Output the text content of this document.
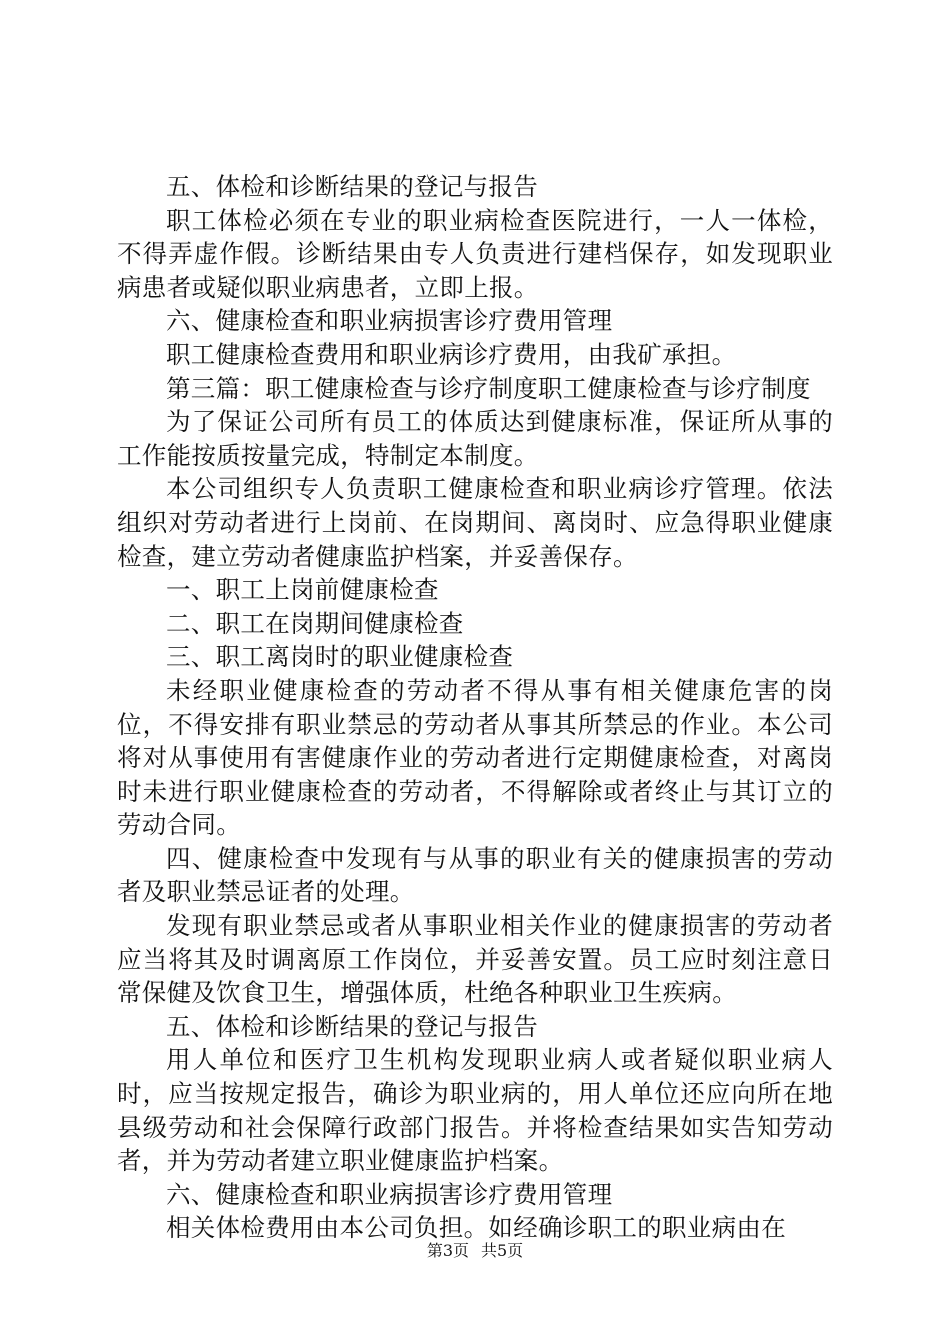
五、体检和诊断结果的登记与报告

职工体检必须在专业的职业病检查医院进行，一人一体检，不得弄虚作假。诊断结果由专人负责进行建档保存，如发现职业病患者或疑似职业病患者，立即上报。

六、健康检查和职业病损害诊疗费用管理

职工健康检查费用和职业病诊疗费用，由我矿承担。

第三篇：职工健康检查与诊疗制度职工健康检查与诊疗制度

为了保证公司所有员工的体质达到健康标准，保证所从事的工作能按质按量完成，特制定本制度。

本公司组织专人负责职工健康检查和职业病诊疗管理。依法组织对劳动者进行上岗前、在岗期间、离岗时、应急得职业健康检查，建立劳动者健康监护档案，并妥善保存。

一、职工上岗前健康检查

二、职工在岗期间健康检查

三、职工离岗时的职业健康检查

未经职业健康检查的劳动者不得从事有相关健康危害的岗位，不得安排有职业禁忌的劳动者从事其所禁忌的作业。本公司将对从事使用有害健康作业的劳动者进行定期健康检查，对离岗时未进行职业健康检查的劳动者，不得解除或者终止与其订立的劳动合同。

四、健康检查中发现有与从事的职业有关的健康损害的劳动者及职业禁忌证者的处理。

发现有职业禁忌或者从事职业相关作业的健康损害的劳动者应当将其及时调离原工作岗位，并妥善安置。员工应时刻注意日常保健及饮食卫生，增强体质，杜绝各种职业卫生疾病。

五、体检和诊断结果的登记与报告

用人单位和医疗卫生机构发现职业病人或者疑似职业病人时，应当按规定报告，确诊为职业病的，用人单位还应向所在地县级劳动和社会保障行政部门报告。并将检查结果如实告知劳动者，并为劳动者建立职业健康监护档案。

六、健康检查和职业病损害诊疗费用管理

相关体检费用由本公司负担。如经确诊职工的职业病由在

第3页 共5页
